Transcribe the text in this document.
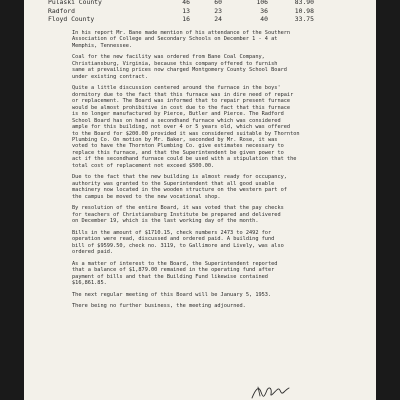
Pulaski County	46	60	106	83.90
Radford	13	23	36	10.98
Floyd County	16	24	40	33.75

In his report Mr. Bane made mention of his attendance of the Southern
Association of College and Secondary Schools on December 1 - 4 at
Memphis, Tennessee.

Coal for the new facility was ordered from Bane Coal Company,
Christiansburg, Virginia, because this company offered to furnish
same at prevailing prices now charged Montgomery County School Board
under existing contract.

Quite a little discussion centered around the furnace in the boys'
dormitory due to the fact that this furnace was in dire need of repair
or replacement. The Board was informed that to repair present furnace
would be almost prohibitive in cost due to the fact that this furnace
is no longer manufactured by Pierce, Butler and Pierce. The Radford
School Board has on hand a secondhand furnace which was considered
ample for this building, not over 4 or 5 years old, which was offered
to the Board for $200.00 provided it was considered suitable by Thornton
Plumbing Co. On motion by Mr. Baker, seconded by Mr. Rose, it was
voted to have the Thornton Plumbing Co. give estimates necessary to
replace this furnace, and that the Superintendent be given power to
act if the secondhand furnace could be used with a stipulation that the
total cost of replacement not exceed $500.00.

Due to the fact that the new building is almost ready for occupancy,
authority was granted to the Superintendent that all good usable
machinery now located in the wooden structure on the western part of
the campus be moved to the new vocational shop.

By resolution of the entire Board, it was voted that the pay checks
for teachers of Christiansburg Institute be prepared and delivered
on December 19, which is the last working day of the month.

Bills in the amount of $1710.15, check numbers 2473 to 2492 for
operation were read, discussed and ordered paid. A building fund
bill of $9599.50, check no. 3119, to Gallimore and Lively, was also
ordered paid.

As a matter of interest to the Board, the Superintendent reported
that a balance of $1,879.00 remained in the operating fund after
payment of bills and that the Building Fund likewise contained
$16,861.85.

The next regular meeting of this Board will be January 5, 1953.

There being no further business, the meeting adjourned.
